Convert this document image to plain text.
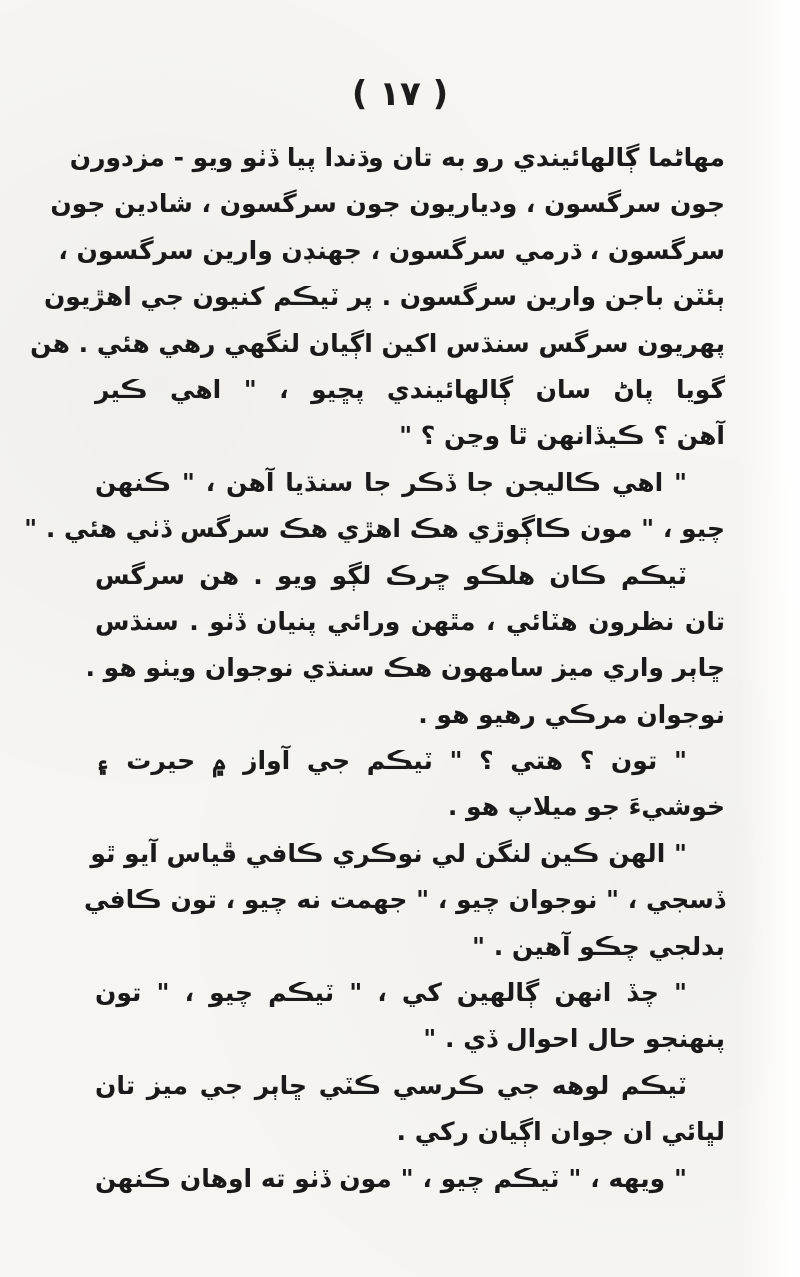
( ١٧ )
مھاڻما ڳالھائيندي رو به تان وڌندا پيا ڏٺو ويو - مزدورن
جون سرگسون ، ودياريون جون سرگسون ، شادين جون
سرگسون ، ڌرمي سرگسون ، جهنڊن وارين سرگسون ،
ٻئٽن باجن وارين سرگسون . پر ٽيڪم کنيون جي اهڙيون
پهريون سرگس سنڌس اکين اڳيان لنگهي رهي هئي . هن
گويا پاڻ سان ڳالهائيندي پڇيو ، " اهي ڪير
آهن ؟ ڪيڏانهن ٿا وڃن ؟ "
" اهي ڪاليجن جا ڏڪر جا سنڌيا آهن ، " ڪنهن
چيو ، " مون ڪاڳوڙي هڪ اهڙي هڪ سرگس ڏٺي هئي . "
ٽيڪم ڪان ھلڪو ڇرڪ لڳو ويو . هن سرگس
تان نظرون هٽائي ، مٿھن ورائي پنيان ڏٺو . سنڌس
ڇاٻر واري ميز سامهون هڪ سنڌي نوجوان ويٺو هو .
نوجوان مرڪي رهيو هو .
" تون ؟ هتي ؟ " ٽيڪم جي آواز ۾ حيرت ۽
خوشيءَ جو ميلاپ هو .
" الهن ڪين لنگن لي نوڪري ڪافي ڦياس آيو ٿو
ڏسجي ، " نوجوان چيو ، " جهمت نه چيو ، تون ڪافي
بدلجي چڪو آهين . "
" چڏ انهن ڳالهين کي ، " ٽيڪم چيو ، " تون
پنهنجو حال احوال ڏي . "
ٽيڪم لوهه جي ڪرسي ڪٽي ڇاٻر جي ميز تان
لڀائي ان جوان اڳيان رکي .
" ويهه ، " ٽيڪم چيو ، " مون ڏٺو ته اوهان ڪنهن
